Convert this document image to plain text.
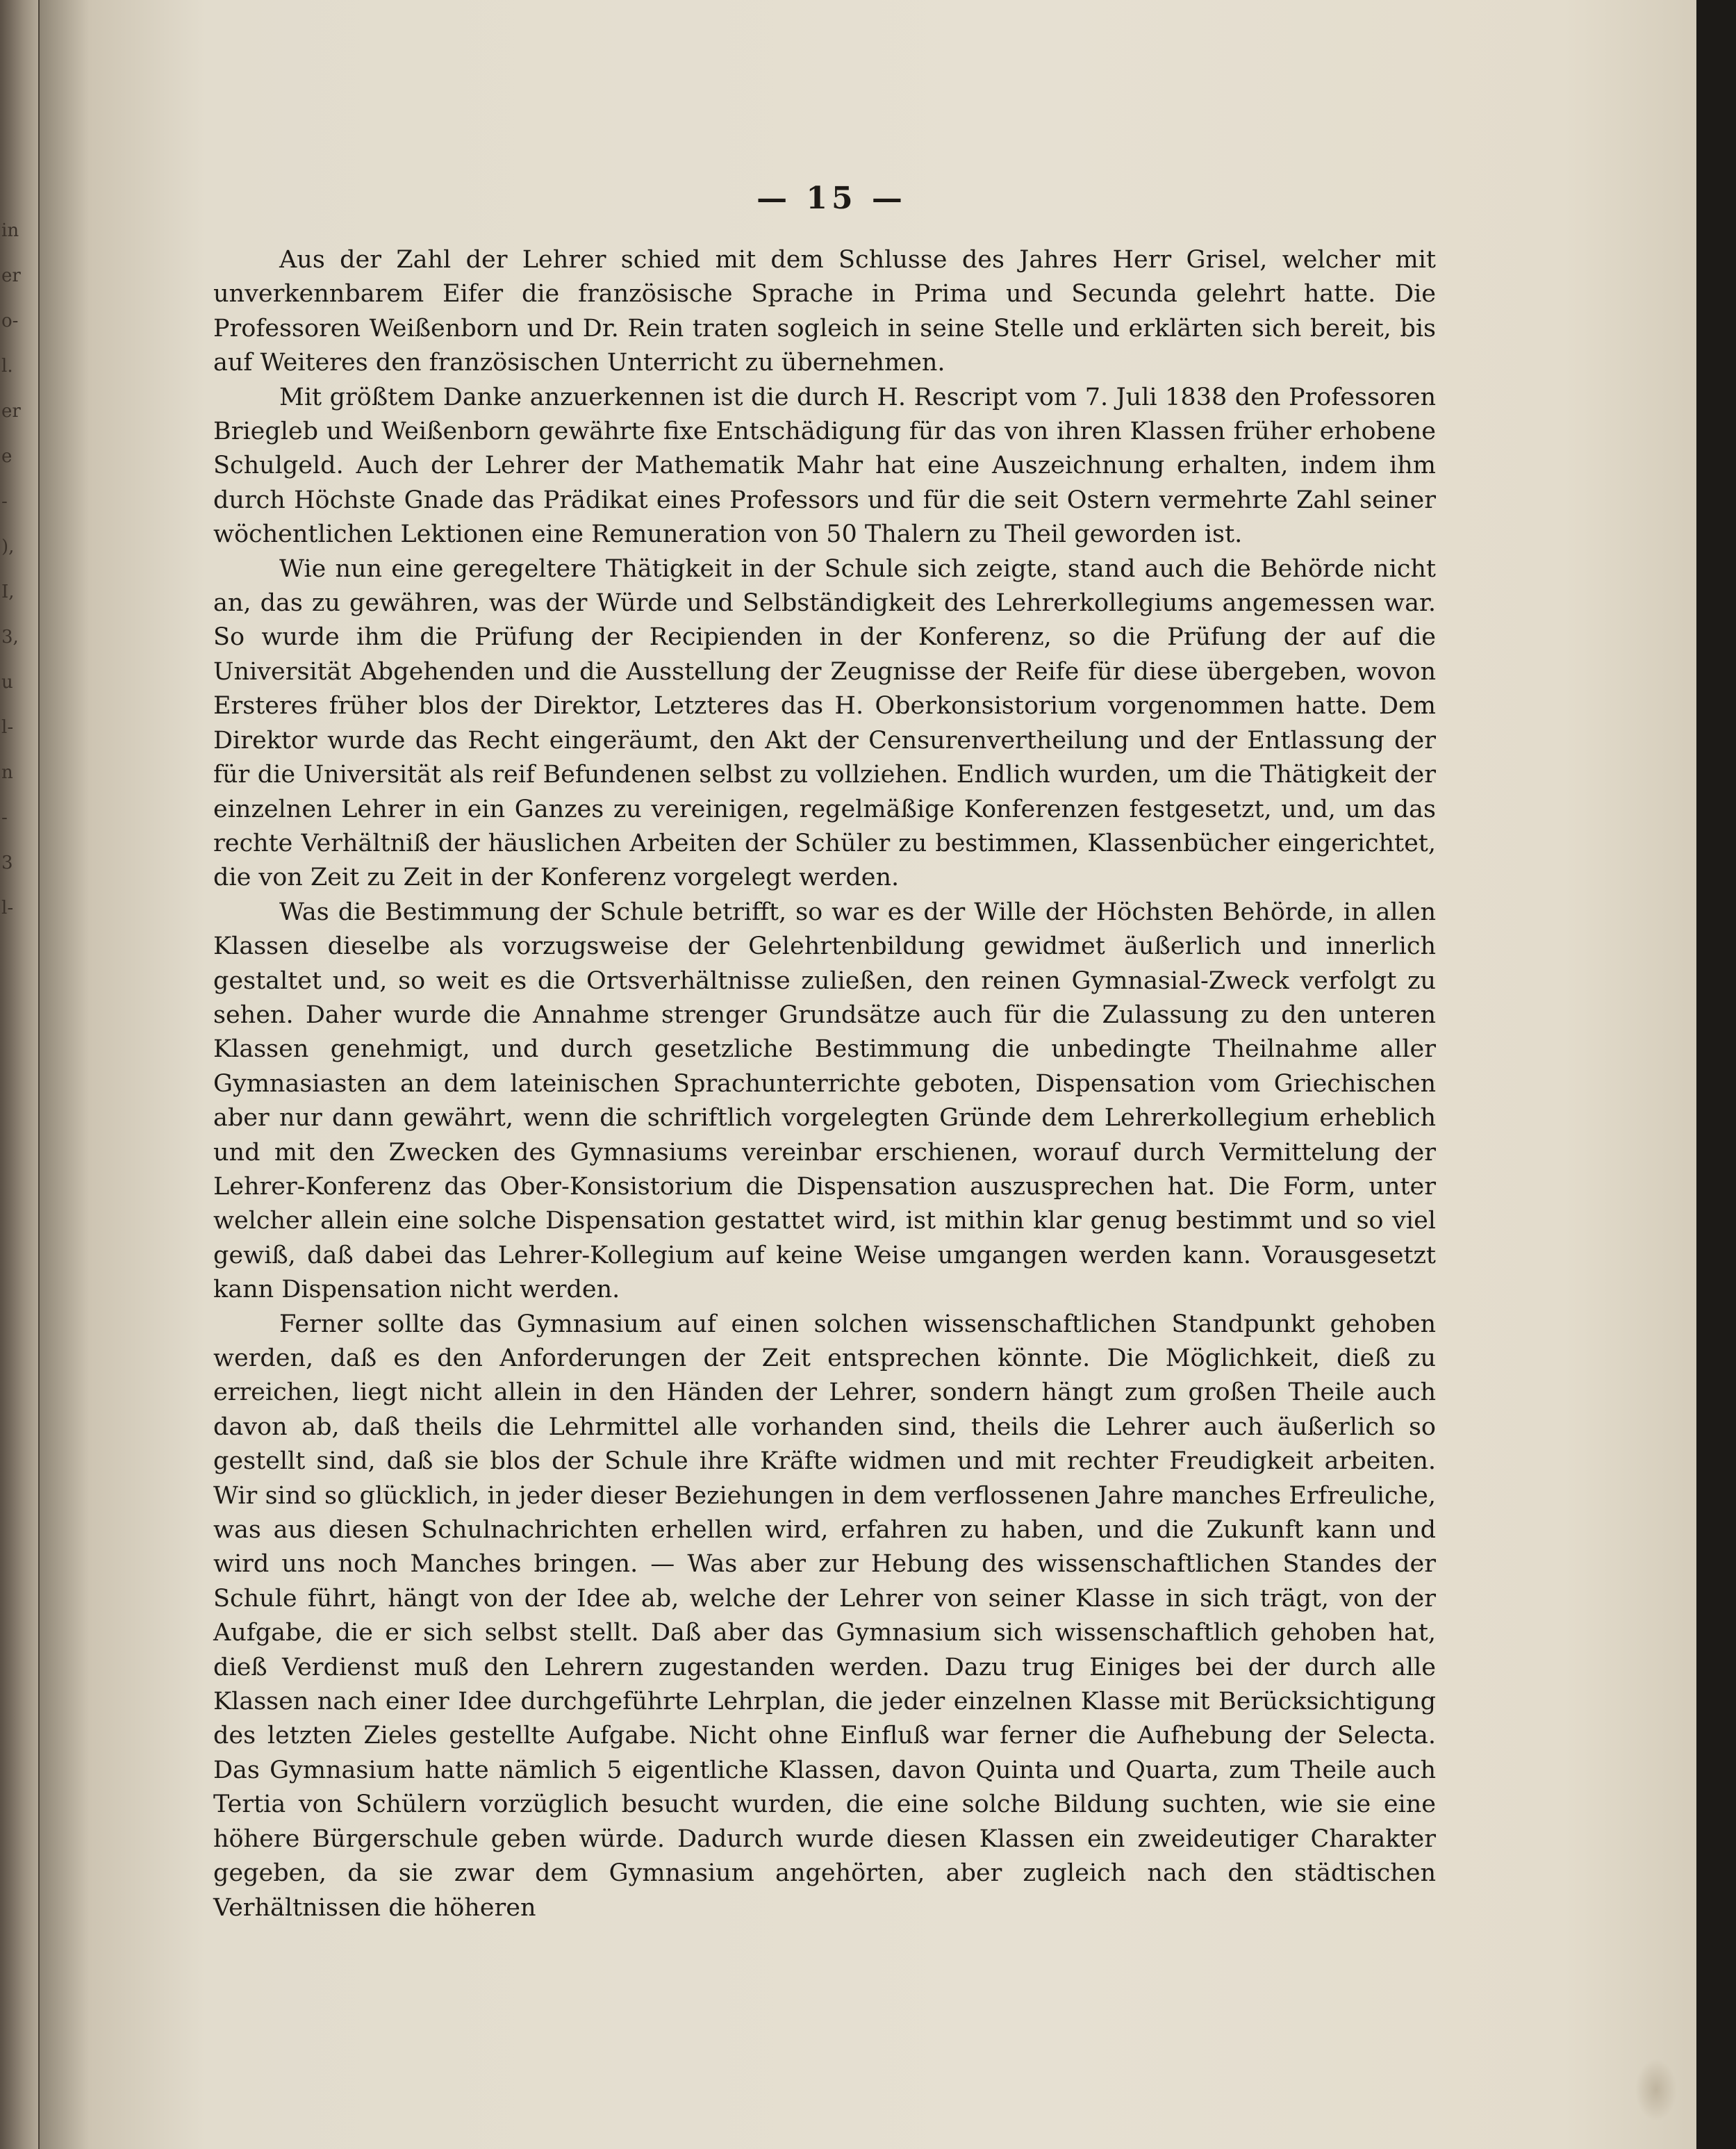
in
er
o-
l.
er
e
-
),
I,
3,
u
l-
n
-
3
l-
— 15 —

Aus der Zahl der Lehrer schied mit dem Schlusse des Jahres Herr Grisel, welcher mit unverkennbarem Eifer die französische Sprache in Prima und Secunda gelehrt hatte. Die Professoren Weißenborn und Dr. Rein traten sogleich in seine Stelle und erklärten sich bereit, bis auf Weiteres den französischen Unterricht zu übernehmen.

Mit größtem Danke anzuerkennen ist die durch H. Rescript vom 7. Juli 1838 den Professoren Briegleb und Weißenborn gewährte fixe Entschädigung für das von ihren Klassen früher erhobene Schulgeld. Auch der Lehrer der Mathematik Mahr hat eine Auszeichnung erhalten, indem ihm durch Höchste Gnade das Prädikat eines Professors und für die seit Ostern vermehrte Zahl seiner wöchentlichen Lektionen eine Remuneration von 50 Thalern zu Theil geworden ist.

Wie nun eine geregeltere Thätigkeit in der Schule sich zeigte, stand auch die Behörde nicht an, das zu gewähren, was der Würde und Selbständigkeit des Lehrerkollegiums angemessen war. So wurde ihm die Prüfung der Recipienden in der Konferenz, so die Prüfung der auf die Universität Abgehenden und die Ausstellung der Zeugnisse der Reife für diese übergeben, wovon Ersteres früher blos der Direktor, Letzteres das H. Oberkonsistorium vorgenommen hatte. Dem Direktor wurde das Recht eingeräumt, den Akt der Censurenvertheilung und der Entlassung der für die Universität als reif Befundenen selbst zu vollziehen. Endlich wurden, um die Thätigkeit der einzelnen Lehrer in ein Ganzes zu vereinigen, regelmäßige Konferenzen festgesetzt, und, um das rechte Verhältniß der häuslichen Arbeiten der Schüler zu bestimmen, Klassenbücher eingerichtet, die von Zeit zu Zeit in der Konferenz vorgelegt werden.

Was die Bestimmung der Schule betrifft, so war es der Wille der Höchsten Behörde, in allen Klassen dieselbe als vorzugsweise der Gelehrtenbildung gewidmet äußerlich und innerlich gestaltet und, so weit es die Ortsverhältnisse zuließen, den reinen Gymnasial-Zweck verfolgt zu sehen. Daher wurde die Annahme strenger Grundsätze auch für die Zulassung zu den unteren Klassen genehmigt, und durch gesetzliche Bestimmung die unbedingte Theilnahme aller Gymnasiasten an dem lateinischen Sprachunterrichte geboten, Dispensation vom Griechischen aber nur dann gewährt, wenn die schriftlich vorgelegten Gründe dem Lehrerkollegium erheblich und mit den Zwecken des Gymnasiums vereinbar erschienen, worauf durch Vermittelung der Lehrer-Konferenz das Ober-Konsistorium die Dispensation auszusprechen hat. Die Form, unter welcher allein eine solche Dispensation gestattet wird, ist mithin klar genug bestimmt und so viel gewiß, daß dabei das Lehrer-Kollegium auf keine Weise umgangen werden kann. Vorausgesetzt kann Dispensation nicht werden.

Ferner sollte das Gymnasium auf einen solchen wissenschaftlichen Standpunkt gehoben werden, daß es den Anforderungen der Zeit entsprechen könnte. Die Möglichkeit, dieß zu erreichen, liegt nicht allein in den Händen der Lehrer, sondern hängt zum großen Theile auch davon ab, daß theils die Lehrmittel alle vorhanden sind, theils die Lehrer auch äußerlich so gestellt sind, daß sie blos der Schule ihre Kräfte widmen und mit rechter Freudigkeit arbeiten. Wir sind so glücklich, in jeder dieser Beziehungen in dem verflossenen Jahre manches Erfreuliche, was aus diesen Schulnachrichten erhellen wird, erfahren zu haben, und die Zukunft kann und wird uns noch Manches bringen. — Was aber zur Hebung des wissenschaftlichen Standes der Schule führt, hängt von der Idee ab, welche der Lehrer von seiner Klasse in sich trägt, von der Aufgabe, die er sich selbst stellt. Daß aber das Gymnasium sich wissenschaftlich gehoben hat, dieß Verdienst muß den Lehrern zugestanden werden. Dazu trug Einiges bei der durch alle Klassen nach einer Idee durchgeführte Lehrplan, die jeder einzelnen Klasse mit Berücksichtigung des letzten Zieles gestellte Aufgabe. Nicht ohne Einfluß war ferner die Aufhebung der Selecta. Das Gymnasium hatte nämlich 5 eigentliche Klassen, davon Quinta und Quarta, zum Theile auch Tertia von Schülern vorzüglich besucht wurden, die eine solche Bildung suchten, wie sie eine höhere Bürgerschule geben würde. Dadurch wurde diesen Klassen ein zweideutiger Charakter gegeben, da sie zwar dem Gymnasium angehörten, aber zugleich nach den städtischen Verhältnissen die höheren
